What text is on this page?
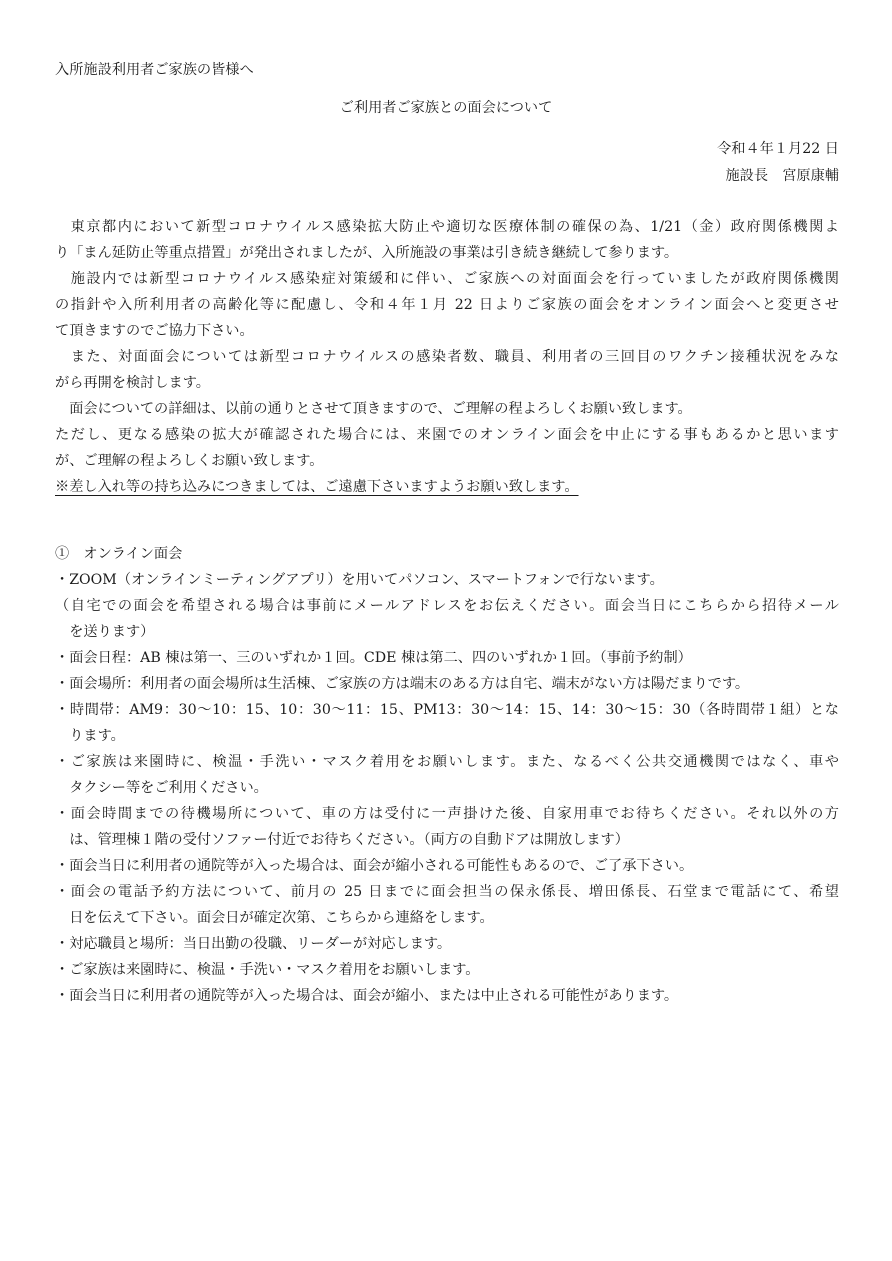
入所施設利用者ご家族の皆様へ
ご利用者ご家族との面会について
令和４年１月22 日
施設長　宮原康輔
　東京都内において新型コロナウイルス感染拡大防止や適切な医療体制の確保の為、1/21（金）政府関係機関よ
り「まん延防止等重点措置」が発出されましたが、入所施設の事業は引き続き継続して参ります。
　施設内では新型コロナウイルス感染症対策緩和に伴い、ご家族への対面面会を行っていましたが政府関係機関
の指針や入所利用者の高齢化等に配慮し、令和４年１月 22 日よりご家族の面会をオンライン面会へと変更させ
て頂きますのでご協力下さい。
　また、対面面会については新型コロナウイルスの感染者数、職員、利用者の三回目のワクチン接種状況をみな
がら再開を検討します。
　面会についての詳細は、以前の通りとさせて頂きますので、ご理解の程よろしくお願い致します。
ただし、更なる感染の拡大が確認された場合には、来園でのオンライン面会を中止にする事もあるかと思います
が、ご理解の程よろしくお願い致します。
※差し入れ等の持ち込みにつきましては、ご遠慮下さいますようお願い致します。
①　オンライン面会
・ZOOM（オンラインミーティングアプリ）を用いてパソコン、スマートフォンで行ないます。
（自宅での面会を希望される場合は事前にメールアドレスをお伝えください。面会当日にこちらから招待メール
　を送ります）
・面会日程：AB 棟は第一、三のいずれか１回。CDE 棟は第二、四のいずれか１回。（事前予約制）
・面会場所：利用者の面会場所は生活棟、ご家族の方は端末のある方は自宅、端末がない方は陽だまりです。
・時間帯：AM9：30～10：15、10：30～11：15、PM13：30～14：15、14：30～15：30（各時間帯１組）とな
　ります。
・ご家族は来園時に、検温・手洗い・マスク着用をお願いします。また、なるべく公共交通機関ではなく、車や
　タクシー等をご利用ください。
・面会時間までの待機場所について、車の方は受付に一声掛けた後、自家用車でお待ちください。それ以外の方
　は、管理棟１階の受付ソファー付近でお待ちください。（両方の自動ドアは開放します）
・面会当日に利用者の通院等が入った場合は、面会が縮小される可能性もあるので、ご了承下さい。
・面会の電話予約方法について、前月の 25 日までに面会担当の保永係長、増田係長、石堂まで電話にて、希望
　日を伝えて下さい。面会日が確定次第、こちらから連絡をします。
・対応職員と場所：当日出勤の役職、リーダーが対応します。
・ご家族は来園時に、検温・手洗い・マスク着用をお願いします。
・面会当日に利用者の通院等が入った場合は、面会が縮小、または中止される可能性があります。
